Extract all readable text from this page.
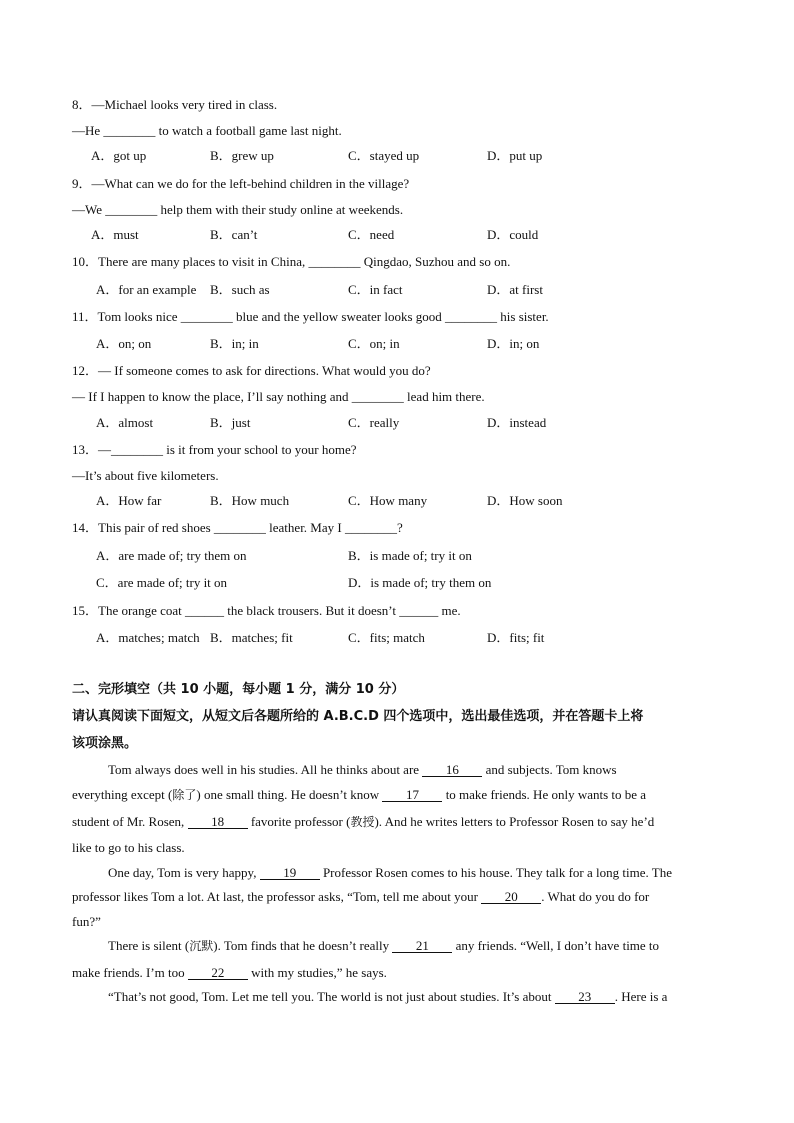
8．—Michael looks very tired in class.
—He ________ to watch a football game last night.
A．got up	B．grew up	C．stayed up	D．put up
9．—What can we do for the left-behind children in the village?
—We ________ help them with their study online at weekends.
A．must	B．can’t	C．need	D．could
10．There are many places to visit in China, ________ Qingdao, Suzhou and so on.
A．for an example B．such as	C．in fact	D．at first
11．Tom looks nice ________ blue and the yellow sweater looks good ________ his sister.
A．on; on	B．in; in	C．on; in	D．in; on
12．— If someone comes to ask for directions. What would you do?
— If I happen to know the place, I’ll say nothing and ________ lead him there.
A．almost	B．just	C．really	D．instead
13．—________ is it from your school to your home?
—It’s about five kilometers.
A．How far	B．How much	C．How many	D．How soon
14．This pair of red shoes ________ leather. May I ________?
A．are made of; try them on	B．is made of; try it on
C．are made of; try it on	D．is made of; try them on
15．The orange coat ______ the black trousers. But it doesn’t ______ me.
A．matches; match B．matches; fit	C．fits; match	D．fits; fit
二、完形填空（共 10 小题，每小题 1 分，满分 10 分）
请认真阅读下面短文，从短文后各题所给的 A.B.C.D 四个选项中，选出最佳选项，并在答题卡上将
该项涂黑。
Tom always does well in his studies. All he thinks about are 16 and subjects. Tom knows
everything except (除了) one small thing. He doesn’t know 17 to make friends. He only wants to be a
student of Mr. Rosen, 18 favorite professor (教授). And he writes letters to Professor Rosen to say he’d
like to go to his class.
One day, Tom is very happy, 19 Professor Rosen comes to his house. They talk for a long time. The
professor likes Tom a lot. At last, the professor asks, “Tom, tell me about your 20 . What do you do for
fun?”
There is silent (沉默). Tom finds that he doesn’t really 21 any friends. “Well, I don’t have time to
make friends. I’m too 22 with my studies,” he says.
“That’s not good, Tom. Let me tell you. The world is not just about studies. It’s about 23 . Here is a
